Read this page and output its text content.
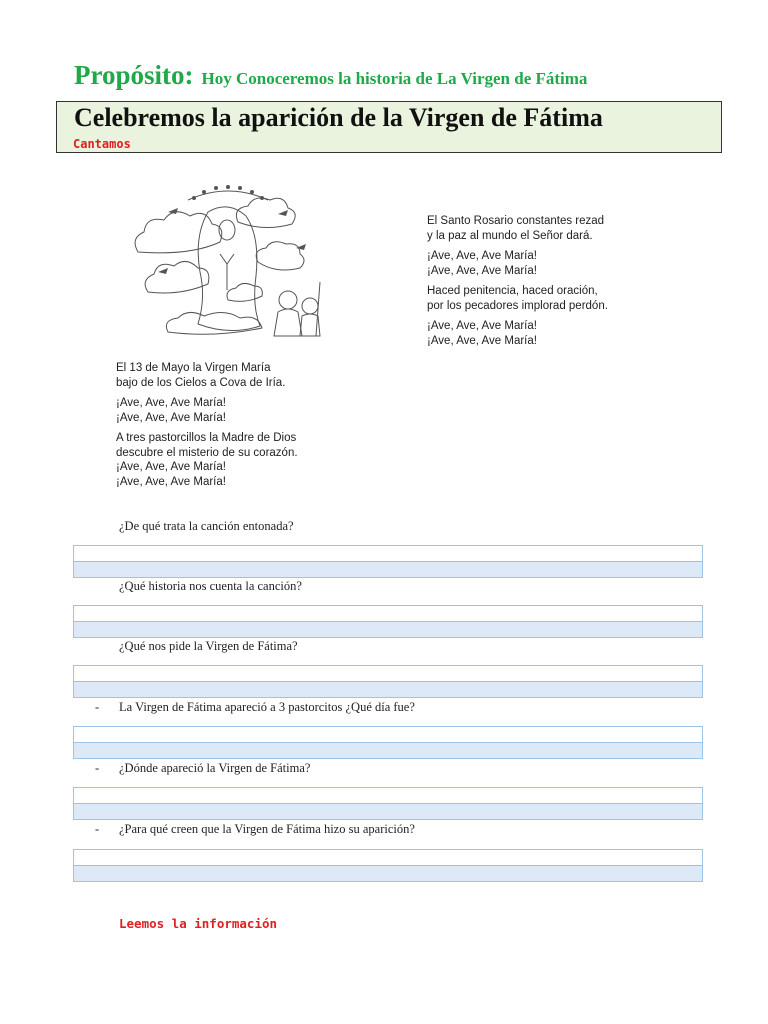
Propósito: Hoy Conoceremos la historia de La Virgen de Fátima
Celebremos la aparición de la Virgen de Fátima
Cantamos

El 13 de Mayo la Virgen María
bajo de los Cielos a Cova de Iría.

¡Ave, Ave, Ave María!
¡Ave, Ave, Ave María!

A tres pastorcillos la Madre de Dios
descubre el misterio de su corazón.
¡Ave, Ave, Ave María!
¡Ave, Ave, Ave María!

El Santo Rosario constantes rezad
y la paz al mundo el Señor dará.

¡Ave, Ave, Ave María!
¡Ave, Ave, Ave María!

Haced penitencia, haced oración,
por los pecadores implorad perdón.

¡Ave, Ave, Ave María!
¡Ave, Ave, Ave María!

¿De qué trata la canción entonada?
¿Qué historia nos cuenta la canción?
¿Qué nos pide la Virgen de Fátima?
- La Virgen de Fátima apareció a 3 pastorcitos ¿Qué día fue?
- ¿Dónde apareció la Virgen de Fátima?
- ¿Para qué creen que la Virgen de Fátima hizo su aparición?
Leemos la información
